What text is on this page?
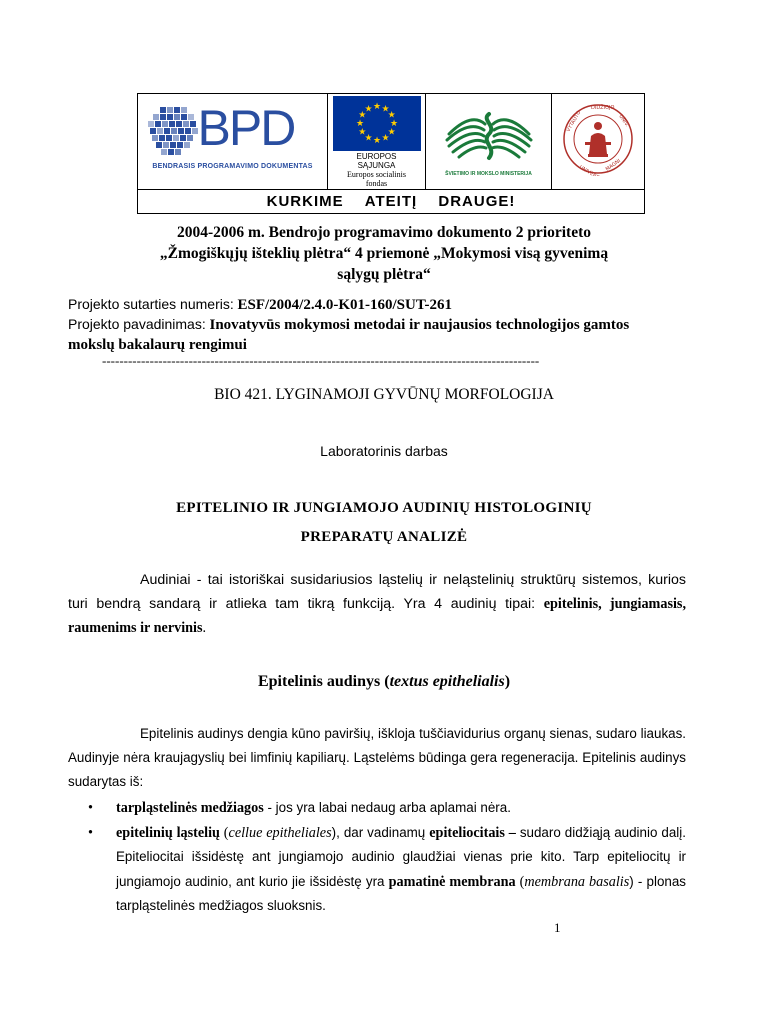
BPD
BENDRASIS PROGRAMAVIMO DOKUMENTAS

★ ★
★
★
★
★
★
★
★
★
★
★
EUROPOS
SĄJUNGA
Europos socialinis
fondas

ŠVIETIMO IR MOKSLO MINISTERIJA

VYTAUTO
DIDŽIOJO
UNIV.
UNIVERSITAS
MAGNI

KURKIME ATEITĮ DRAUGE!
2004-2006 m. Bendrojo programavimo dokumento 2 prioriteto
„Žmogiškųjų išteklių plėtra“ 4 priemonė „Mokymosi visą gyvenimą
sąlygų plėtra“
Projekto sutarties numeris: ESF/2004/2.4.0-K01-160/SUT-261
Projekto pavadinimas: Inovatyvūs mokymosi metodai ir naujausios technologijos gamtos
mokslų bakalaurų rengimui
-----------------------------------------------------------------------------------------------------
BIO 421. LYGINAMOJI GYVŪNŲ MORFOLOGIJA
Laboratorinis darbas
EPITELINIO IR JUNGIAMOJO AUDINIŲ HISTOLOGINIŲ
PREPARATŲ ANALIZĖ
Audiniai - tai istoriškai susidariusios ląstelių ir neląstelinių struktūrų sistemos, kurios turi bendrą sandarą ir atlieka tam tikrą funkciją. Yra 4 audinių tipai: epitelinis, jungiamasis, raumenims ir nervinis.
Epitelinis audinys (textus epithelialis)
Epitelinis audinys dengia kūno paviršių, iškloja tuščiavidurius organų sienas, sudaro liaukas. Audinyje nėra kraujagyslių bei limfinių kapiliarų. Ląstelėms būdinga gera regeneracija. Epitelinis audinys sudarytas iš:
• tarpląstelinės medžiagos - jos yra labai nedaug arba aplamai nėra.
• epitelinių ląstelių (cellue epitheliales), dar vadinamų epiteliocitais – sudaro didžiąją audinio dalį. Epiteliocitai išsidėstę ant jungiamojo audinio glaudžiai vienas prie kito. Tarp epiteliocitų ir jungiamojo audinio, ant kurio jie išsidėstę yra pamatinė membrana (membrana basalis) - plonas tarpląstelinės medžiagos sluoksnis.
1
